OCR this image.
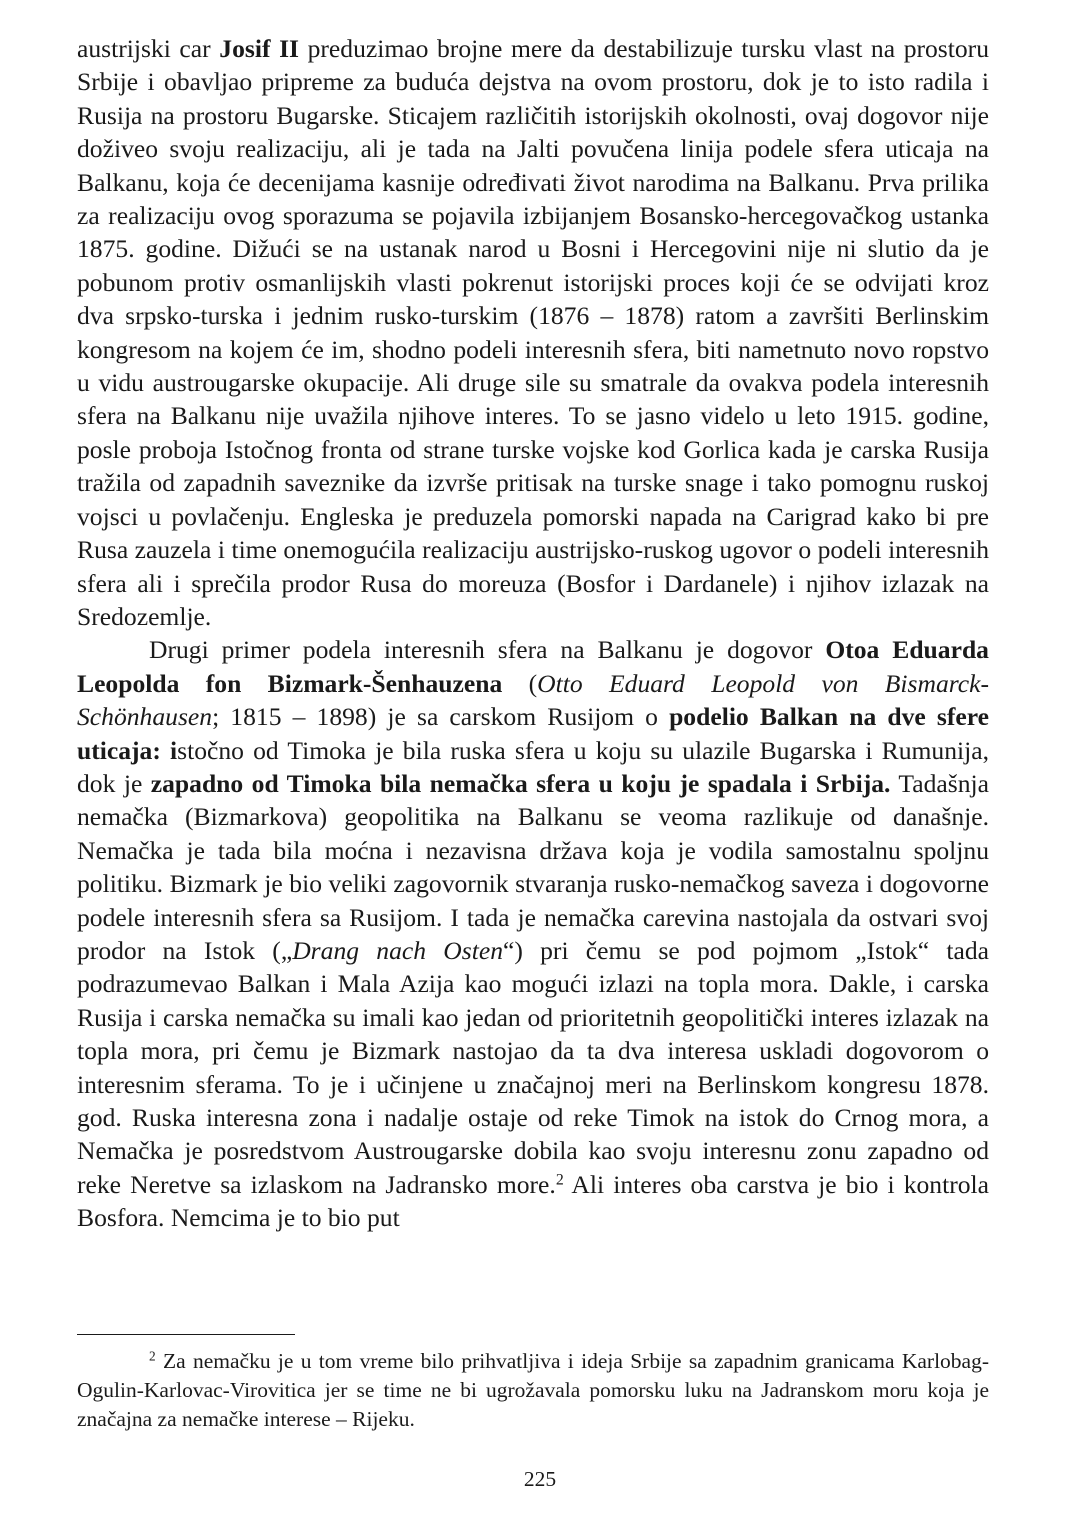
austrijski car Josif II preduzimao brojne mere da destabilizuje tursku vlast na prostoru Srbije i obavljao pripreme za buduća dejstva na ovom prostoru, dok je to isto radila i Rusija na prostoru Bugarske. Sticajem različitih istorijskih okolnosti, ovaj dogovor nije doživeo svoju realizaciju, ali je tada na Jalti povučena linija podele sfera uticaja na Balkanu, koja će decenijama kasnije određivati život narodima na Balkanu. Prva prilika za realizaciju ovog sporazuma se pojavila izbijanjem Bosansko-hercegovačkog ustanka 1875. godine. Dižući se na ustanak narod u Bosni i Hercegovini nije ni slutio da je pobunom protiv osmanlijskih vlasti pokrenut istorijski proces koji će se odvijati kroz dva srpsko-turska i jednim rusko-turskim (1876 – 1878) ratom a završiti Berlinskim kongresom na kojem će im, shodno podeli interesnih sfera, biti nametnuto novo ropstvo u vidu austrougarske okupacije. Ali druge sile su smatrale da ovakva podela interesnih sfera na Balkanu nije uvažila njihove interes. To se jasno videlo u leto 1915. godine, posle proboja Istočnog fronta od strane turske vojske kod Gorlica kada je carska Rusija tražila od zapadnih saveznike da izvrše pritisak na turske snage i tako pomognu ruskoj vojsci u povlačenju. Engleska je preduzela pomorski napada na Carigrad kako bi pre Rusa zauzela i time onemogućila realizaciju austrijsko-ruskog ugovor o podeli interesnih sfera ali i sprečila prodor Rusa do moreuza (Bosfor i Dardanele) i njihov izlazak na Sredozemlje.

Drugi primer podela interesnih sfera na Balkanu je dogovor Otoa Eduarda Leopolda fon Bizmark-Šenhauzena (Otto Eduard Leopold von Bismarck-Schönhausen; 1815 – 1898) je sa carskom Rusijom o podelio Balkan na dve sfere uticaja: istočno od Timoka je bila ruska sfera u koju su ulazile Bugarska i Rumunija, dok je zapadno od Timoka bila nemačka sfera u koju je spadala i Srbija. Tadašnja nemačka (Bizmarkova) geopolitika na Balkanu se veoma razlikuje od današnje. Nemačka je tada bila moćna i nezavisna država koja je vodila samostalnu spoljnu politiku. Bizmark je bio veliki zagovornik stvaranja rusko-nemačkog saveza i dogovorne podele interesnih sfera sa Rusijom. I tada je nemačka carevina nastojala da ostvari svoj prodor na Istok („Drang nach Osten“) pri čemu se pod pojmom „Istok“ tada podrazumevao Balkan i Mala Azija kao mogući izlazi na topla mora. Dakle, i carska Rusija i carska nemačka su imali kao jedan od prioritetnih geopolitički interes izlazak na topla mora, pri čemu je Bizmark nastojao da ta dva interesa uskladi dogovorom o interesnim sferama. To je i učinjene u značajnoj meri na Berlinskom kongresu 1878. god. Ruska interesna zona i nadalje ostaje od reke Timok na istok do Crnog mora, a Nemačka je posredstvom Austrougarske dobila kao svoju interesnu zonu zapadno od reke Neretve sa izlaskom na Jadransko more.$^2$ Ali interes oba carstva je bio i kontrola Bosfora. Nemcima je to bio put

$^2$ Za nemačku je u tom vreme bilo prihvatljiva i ideja Srbije sa zapadnim granicama Karlobag-Ogulin-Karlovac-Virovitica jer se time ne bi ugrožavala pomorsku luku na Jadranskom moru koja je značajna za nemačke interese – Rijeku.

225
